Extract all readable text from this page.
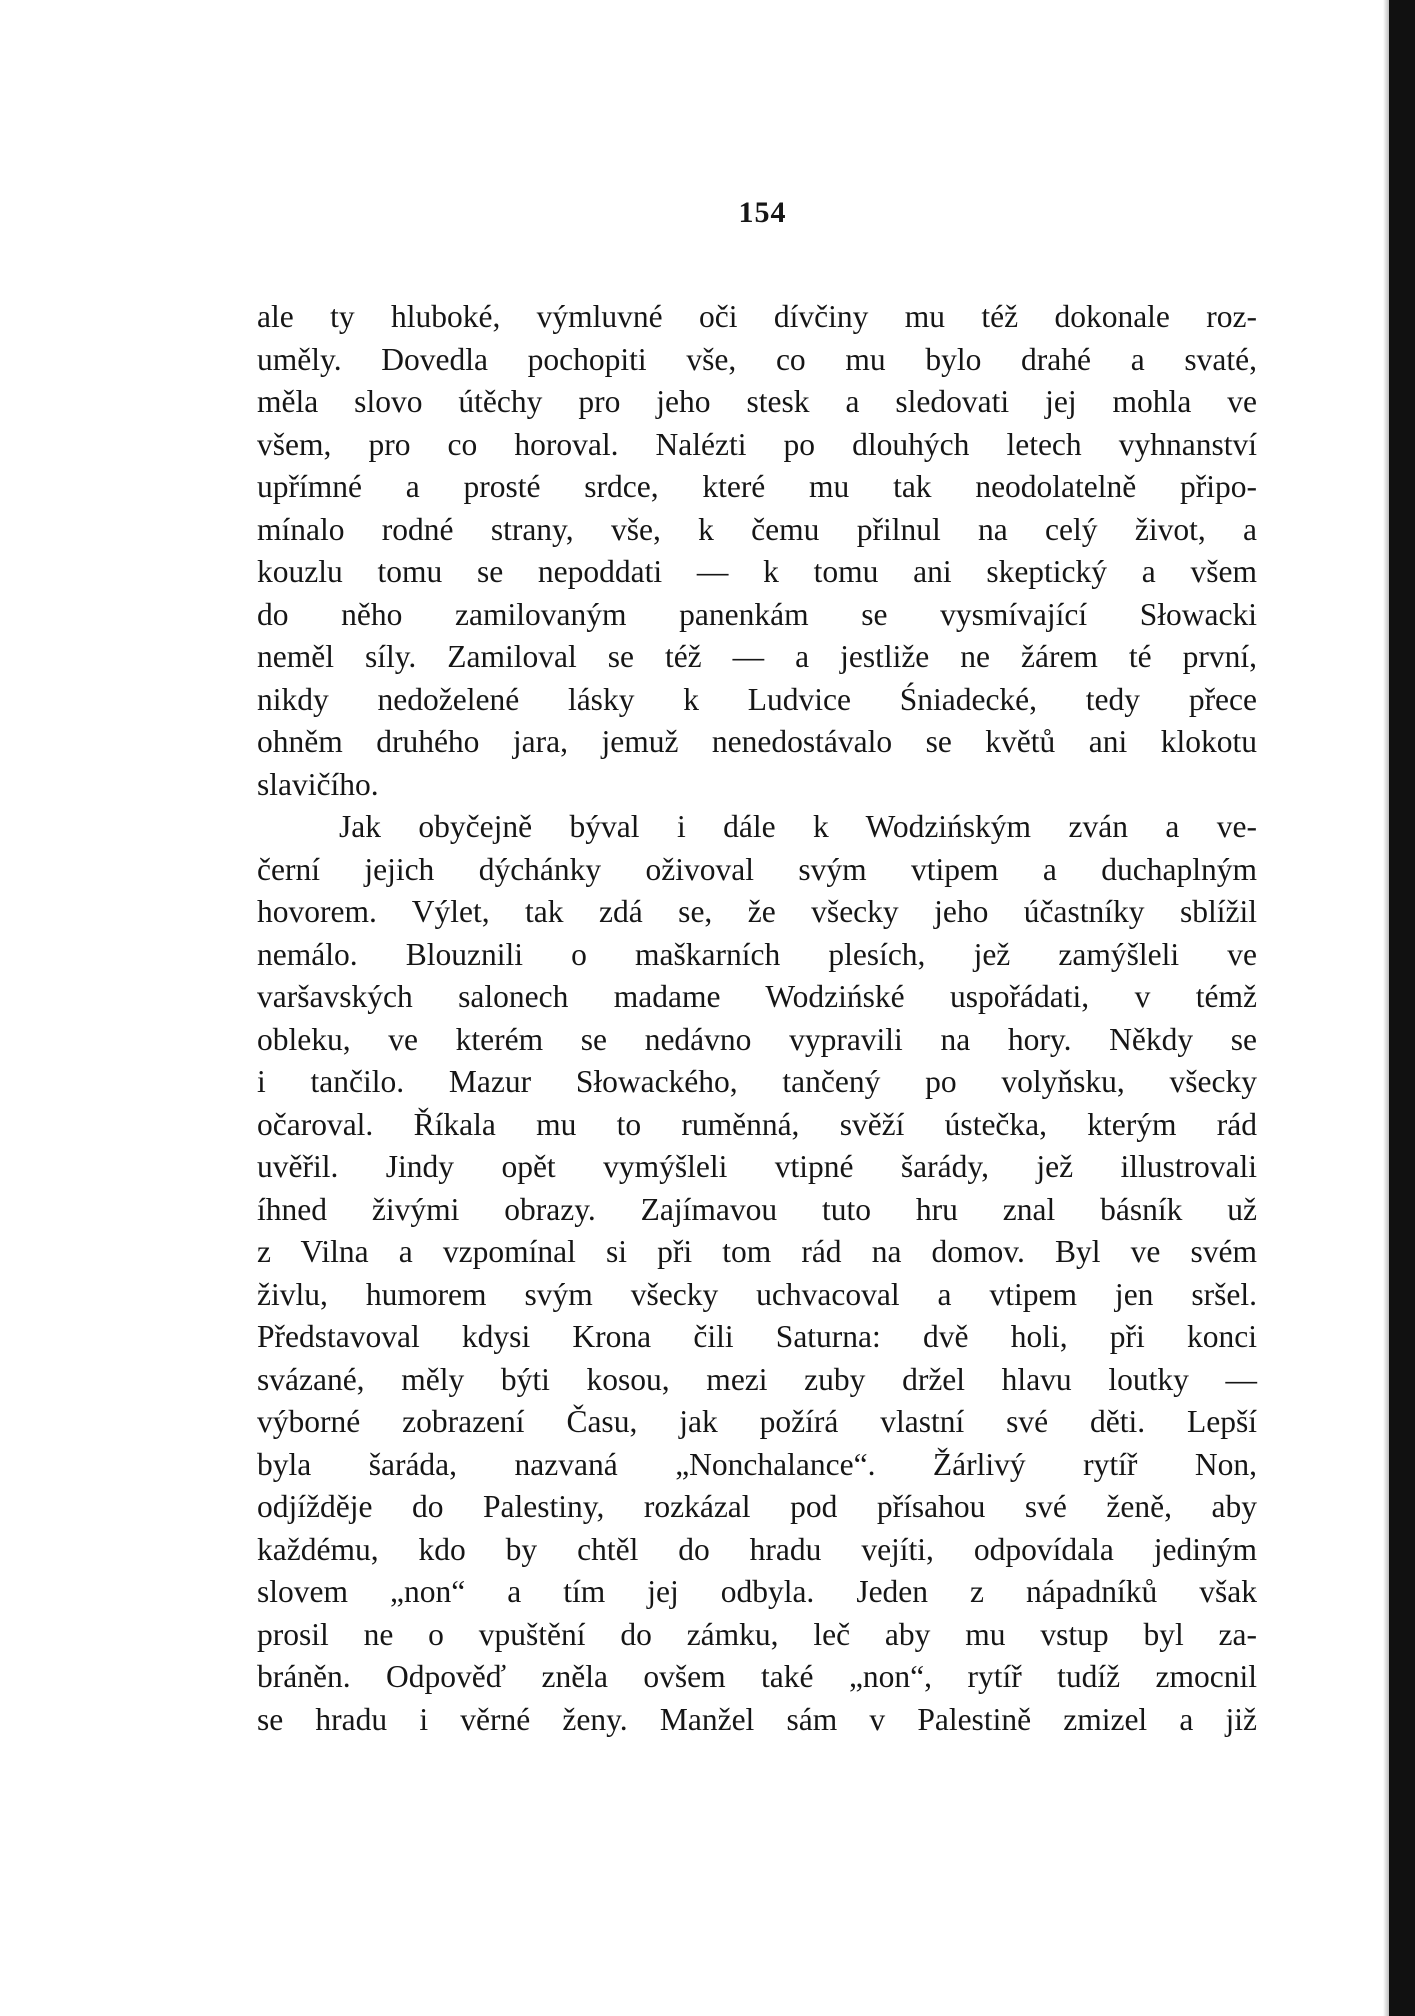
154
ale ty hluboké, výmluvné oči dívčiny mu též dokonale roz-
uměly. Dovedla pochopiti vše, co mu bylo drahé a svaté,
měla slovo útěchy pro jeho stesk a sledovati jej mohla ve
všem, pro co horoval. Nalézti po dlouhých letech vyhnanství
upřímné a prosté srdce, které mu tak neodolatelně připo-
mínalo rodné strany, vše, k čemu přilnul na celý život, a
kouzlu tomu se nepoddati — k tomu ani skeptický a všem
do něho zamilovaným panenkám se vysmívající Słowacki
neměl síly. Zamiloval se též — a jestliže ne žárem té první,
nikdy nedoželené lásky k Ludvice Śniadecké, tedy přece
ohněm druhého jara, jemuž nenedostávalo se květů ani klokotu
slavičího.
Jak obyčejně býval i dále k Wodzińským zván a ve-
černí jejich dýchánky oživoval svým vtipem a duchaplným
hovorem. Výlet, tak zdá se, že všecky jeho účastníky sblížil
nemálo. Blouznili o maškarních plesích, jež zamýšleli ve
varšavských salonech madame Wodzińské uspořádati, v témž
obleku, ve kterém se nedávno vypravili na hory. Někdy se
i tančilo. Mazur Słowackého, tančený po volyňsku, všecky
očaroval. Říkala mu to ruměnná, svěží ústečka, kterým rád
uvěřil. Jindy opět vymýšleli vtipné šarády, jež illustrovali
íhned živými obrazy. Zajímavou tuto hru znal básník už
z Vilna a vzpomínal si při tom rád na domov. Byl ve svém
živlu, humorem svým všecky uchvacoval a vtipem jen sršel.
Představoval kdysi Krona čili Saturna: dvě holi, při konci
svázané, měly býti kosou, mezi zuby držel hlavu loutky —
výborné zobrazení Času, jak požírá vlastní své děti. Lepší
byla šaráda, nazvaná „Nonchalance“. Žárlivý rytíř Non,
odjížděje do Palestiny, rozkázal pod přísahou své ženě, aby
každému, kdo by chtěl do hradu vejíti, odpovídala jediným
slovem „non“ a tím jej odbyla. Jeden z nápadníků však
prosil ne o vpuštění do zámku, leč aby mu vstup byl za-
bráněn. Odpověď zněla ovšem také „non“, rytíř tudíž zmocnil
se hradu i věrné ženy. Manžel sám v Palestině zmizel a již
